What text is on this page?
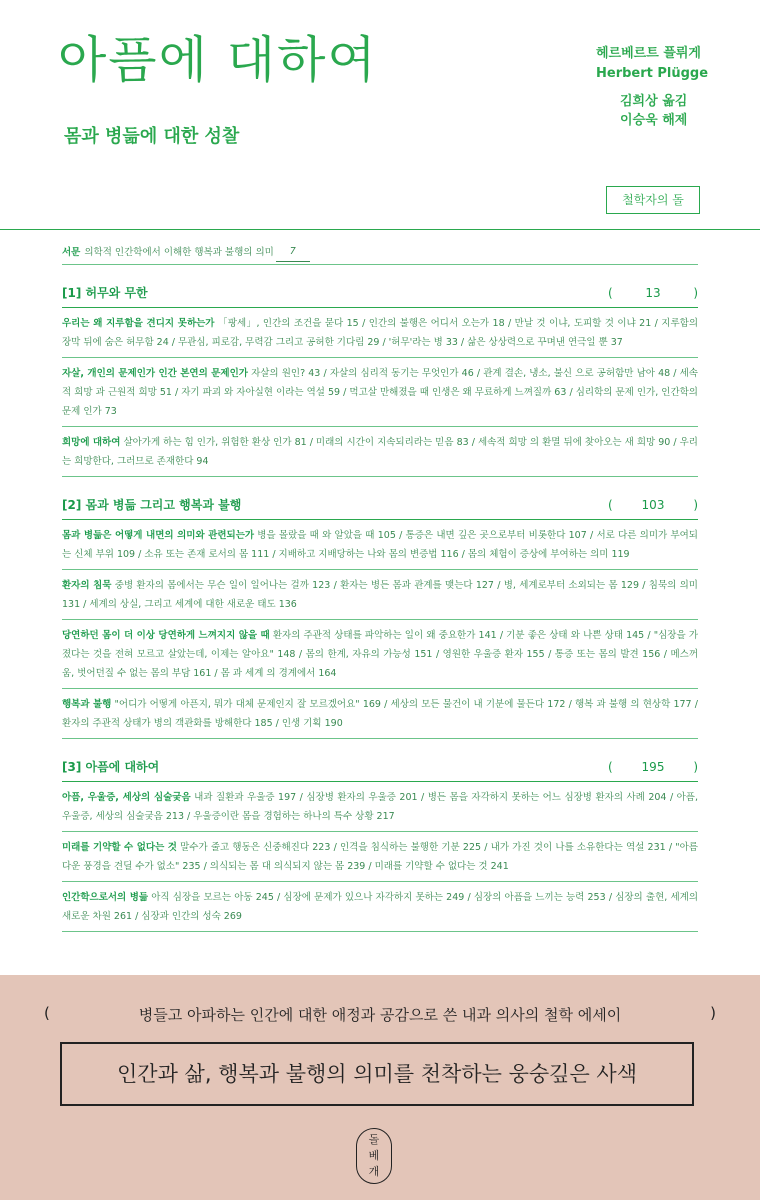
아픔에 대하여
몸과 병듦에 대한 성찰
헤르베르트 플뤼게
Herbert Plügge
김희상 옮김
이승욱 해제
철학자의 돌
서문 의학적 인간학에서 이해한 행복과 불행의 의미	7
[1] 허무와 무한	(	13	)
우리는 왜 지루함을 견디지 못하는가 「팡세」, 인간의 조건을 묻다 15 / 인간의 불행은 어디서 오는가 18 / 만날 것 이냐, 도피할 것 이냐 21 / 지루함의 장막 뒤에 숨은 허무함 24 / 무관심, 피로감, 무력감 그리고 공허한 기다림 29 / '허무'라는 병 33 / 삶은 상상력으로 꾸며낸 연극일 뿐 37
자살, 개인의 문제인가 인간 본연의 문제인가 자살의 원인? 43 / 자살의 심리적 동기는 무엇인가 46 / 관계 결손, 냉소, 불신 으로 공허함만 남아 48 / 세속적 희망 과 근원적 희망 51 / 자기 파괴 와 자아실현 이라는 역설 59 / 먹고살 만해졌을 때 인생은 왜 무료하게 느껴질까 63 / 심리학의 문제 인가, 인간학의 문제 인가 73
희망에 대하여 살아가게 하는 힘 인가, 위험한 환상 인가 81 / 미래의 시간이 지속되리라는 믿음 83 / 세속적 희망 의 환멸 뒤에 찾아오는 새 희망 90 / 우리는 희망한다, 그러므로 존재한다 94
[2] 몸과 병듦 그리고 행복과 불행	( 103 )
몸과 병듦은 어떻게 내면의 의미와 관련되는가 병을 몰랐을 때 와 알았을 때 105 / 통증은 내면 깊은 곳으로부터 비롯한다 107 / 서로 다른 의미가 부여되는 신체 부위 109 / 소유 또는 존재 로서의 몸 111 / 지배하고 지배당하는 나와 몸의 변증법 116 / 몸의 체험이 증상에 부여하는 의미 119
환자의 침묵 중병 환자의 몸에서는 무슨 일이 일어나는 걸까 123 / 환자는 병든 몸과 관계를 맺는다 127 / 병, 세계로부터 소외되는 몸 129 / 침묵의 의미 131 / 세계의 상실, 그리고 세계에 대한 새로운 태도 136
당연하던 몸이 더 이상 당연하게 느껴지지 않을 때 환자의 주관적 상태를 파악하는 일이 왜 중요한가 141 / 기분 좋은 상태 와 나쁜 상태 145 / "심장을 가졌다는 것을 전혀 모르고 살았는데, 이제는 알아요" 148 / 몸의 한계, 자유의 가능성 151 / 영원한 우울증 환자 155 / 통증 또는 몸의 발견 156 / 메스꺼움, 벗어던질 수 없는 몸의 부담 161 / 몸 과 세계 의 경계에서 164
행복과 불행 "어디가 어떻게 아픈지, 뭐가 대체 문제인지 잘 모르겠어요" 169 / 세상의 모든 물건이 내 기분에 물든다 172 / 행복 과 불행 의 현상학 177 / 환자의 주관적 상태가 병의 객관화를 방해한다 185 / 인생 기획 190
[3] 아픔에 대하여	( 195 )
아픔, 우울증, 세상의 심술궂음 내과 질환과 우울증 197 / 심장병 환자의 우울증 201 / 병든 몸을 자각하지 못하는 어느 심장병 환자의 사례 204 / 아픔, 우울증, 세상의 심술궂음 213 / 우울증이란 몸을 경험하는 하나의 특수 상황 217
미래를 기약할 수 없다는 것 말수가 줄고 행동은 신중해진다 223 / 인격을 침식하는 불행한 기분 225 / 내가 가진 것이 나를 소유한다는 역설 231 / "아름다운 풍경을 견딜 수가 없소" 235 / 의식되는 몸 대 의식되지 않는 몸 239 / 미래를 기약할 수 없다는 것 241
인간학으로서의 병듦 아직 심장을 모르는 아동 245 / 심장에 문제가 있으나 자각하지 못하는 249 / 심장의 아픔을 느끼는 능력 253 / 심장의 출현, 세계의 새로운 차원 261 / 심장과 인간의 성숙 269
(	병들고 아파하는 인간에 대한 애정과 공감으로 쓴 내과 의사의 철학 에세이	)
인간과 삶, 행복과 불행의 의미를 천착하는 웅숭깊은 사색
돌베개
